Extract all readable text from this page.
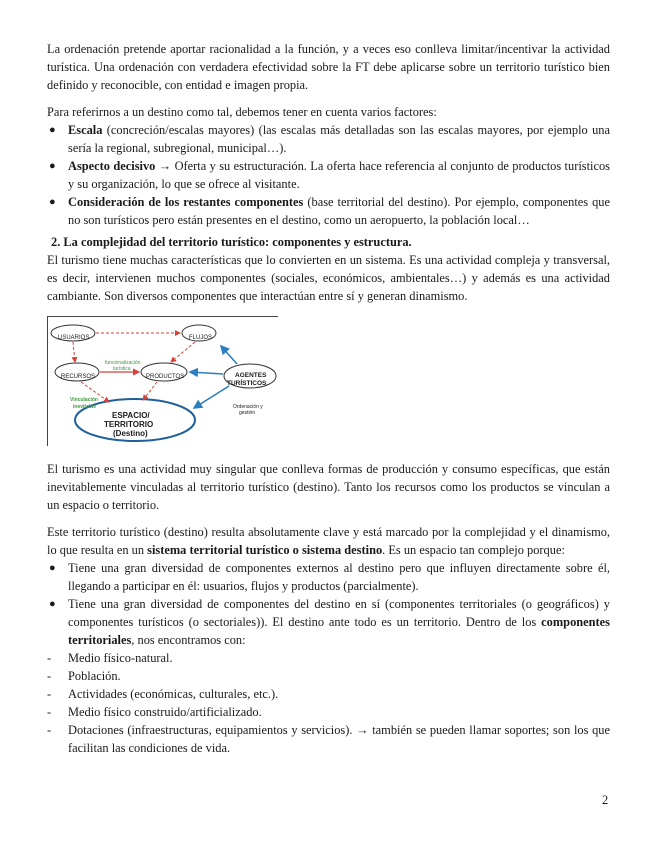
La ordenación pretende aportar racionalidad a la función, y a veces eso conlleva limitar/incentivar la actividad turística. Una ordenación con verdadera efectividad sobre la FT debe aplicarse sobre un territorio turístico bien definido y reconocible, con entidad e imagen propia.

Para referirnos a un destino como tal, debemos tener en cuenta varios factores:

● Escala (concreción/escalas mayores) (las escalas más detalladas son las escalas mayores, por ejemplo una sería la regional, subregional, municipal…).
● Aspecto decisivo → Oferta y su estructuración. La oferta hace referencia al conjunto de productos turísticos y su organización, lo que se ofrece al visitante.
● Consideración de los restantes componentes (base territorial del destino). Por ejemplo, componentes que no son turísticos pero están presentes en el destino, como un aeropuerto, la población local…
2. La complejidad del territorio turístico: componentes y estructura.

El turismo tiene muchas características que lo convierten en un sistema. Es una actividad compleja y transversal, es decir, intervienen muchos componentes (sociales, económicos, ambientales…) y además es una actividad cambiante. Son diversos componentes que interactúan entre sí y generan dinamismo.

USUARIOS	FLUJOS
RECURSOS	PRODUCTOS
funcionalización
turística
AGENTES
TURÍSTICOS
Vinculación
inevitable	Ordenación y
gestión
ESPACIO/
TERRITORIO
(Destino)

El turismo es una actividad muy singular que conlleva formas de producción y consumo específicas, que están inevitablemente vinculadas al territorio turístico (destino). Tanto los recursos como los productos se vinculan a un espacio o territorio.

Este territorio turístico (destino) resulta absolutamente clave y está marcado por la complejidad y el dinamismo, lo que resulta en un sistema territorial turístico o sistema destino. Es un espacio tan complejo porque:

● Tiene una gran diversidad de componentes externos al destino pero que influyen directamente sobre él, llegando a participar en él: usuarios, flujos y productos (parcialmente).
● Tiene una gran diversidad de componentes del destino en sí (componentes territoriales (o geográficos) y componentes turísticos (o sectoriales)). El destino ante todo es un territorio. Dentro de los componentes territoriales, nos encontramos con:
- Medio físico-natural.
- Población.
- Actividades (económicas, culturales, etc.).
- Medio físico construido/artificializado.
- Dotaciones (infraestructuras, equipamientos y servicios). → también se pueden llamar soportes; son los que facilitan las condiciones de vida.
2
